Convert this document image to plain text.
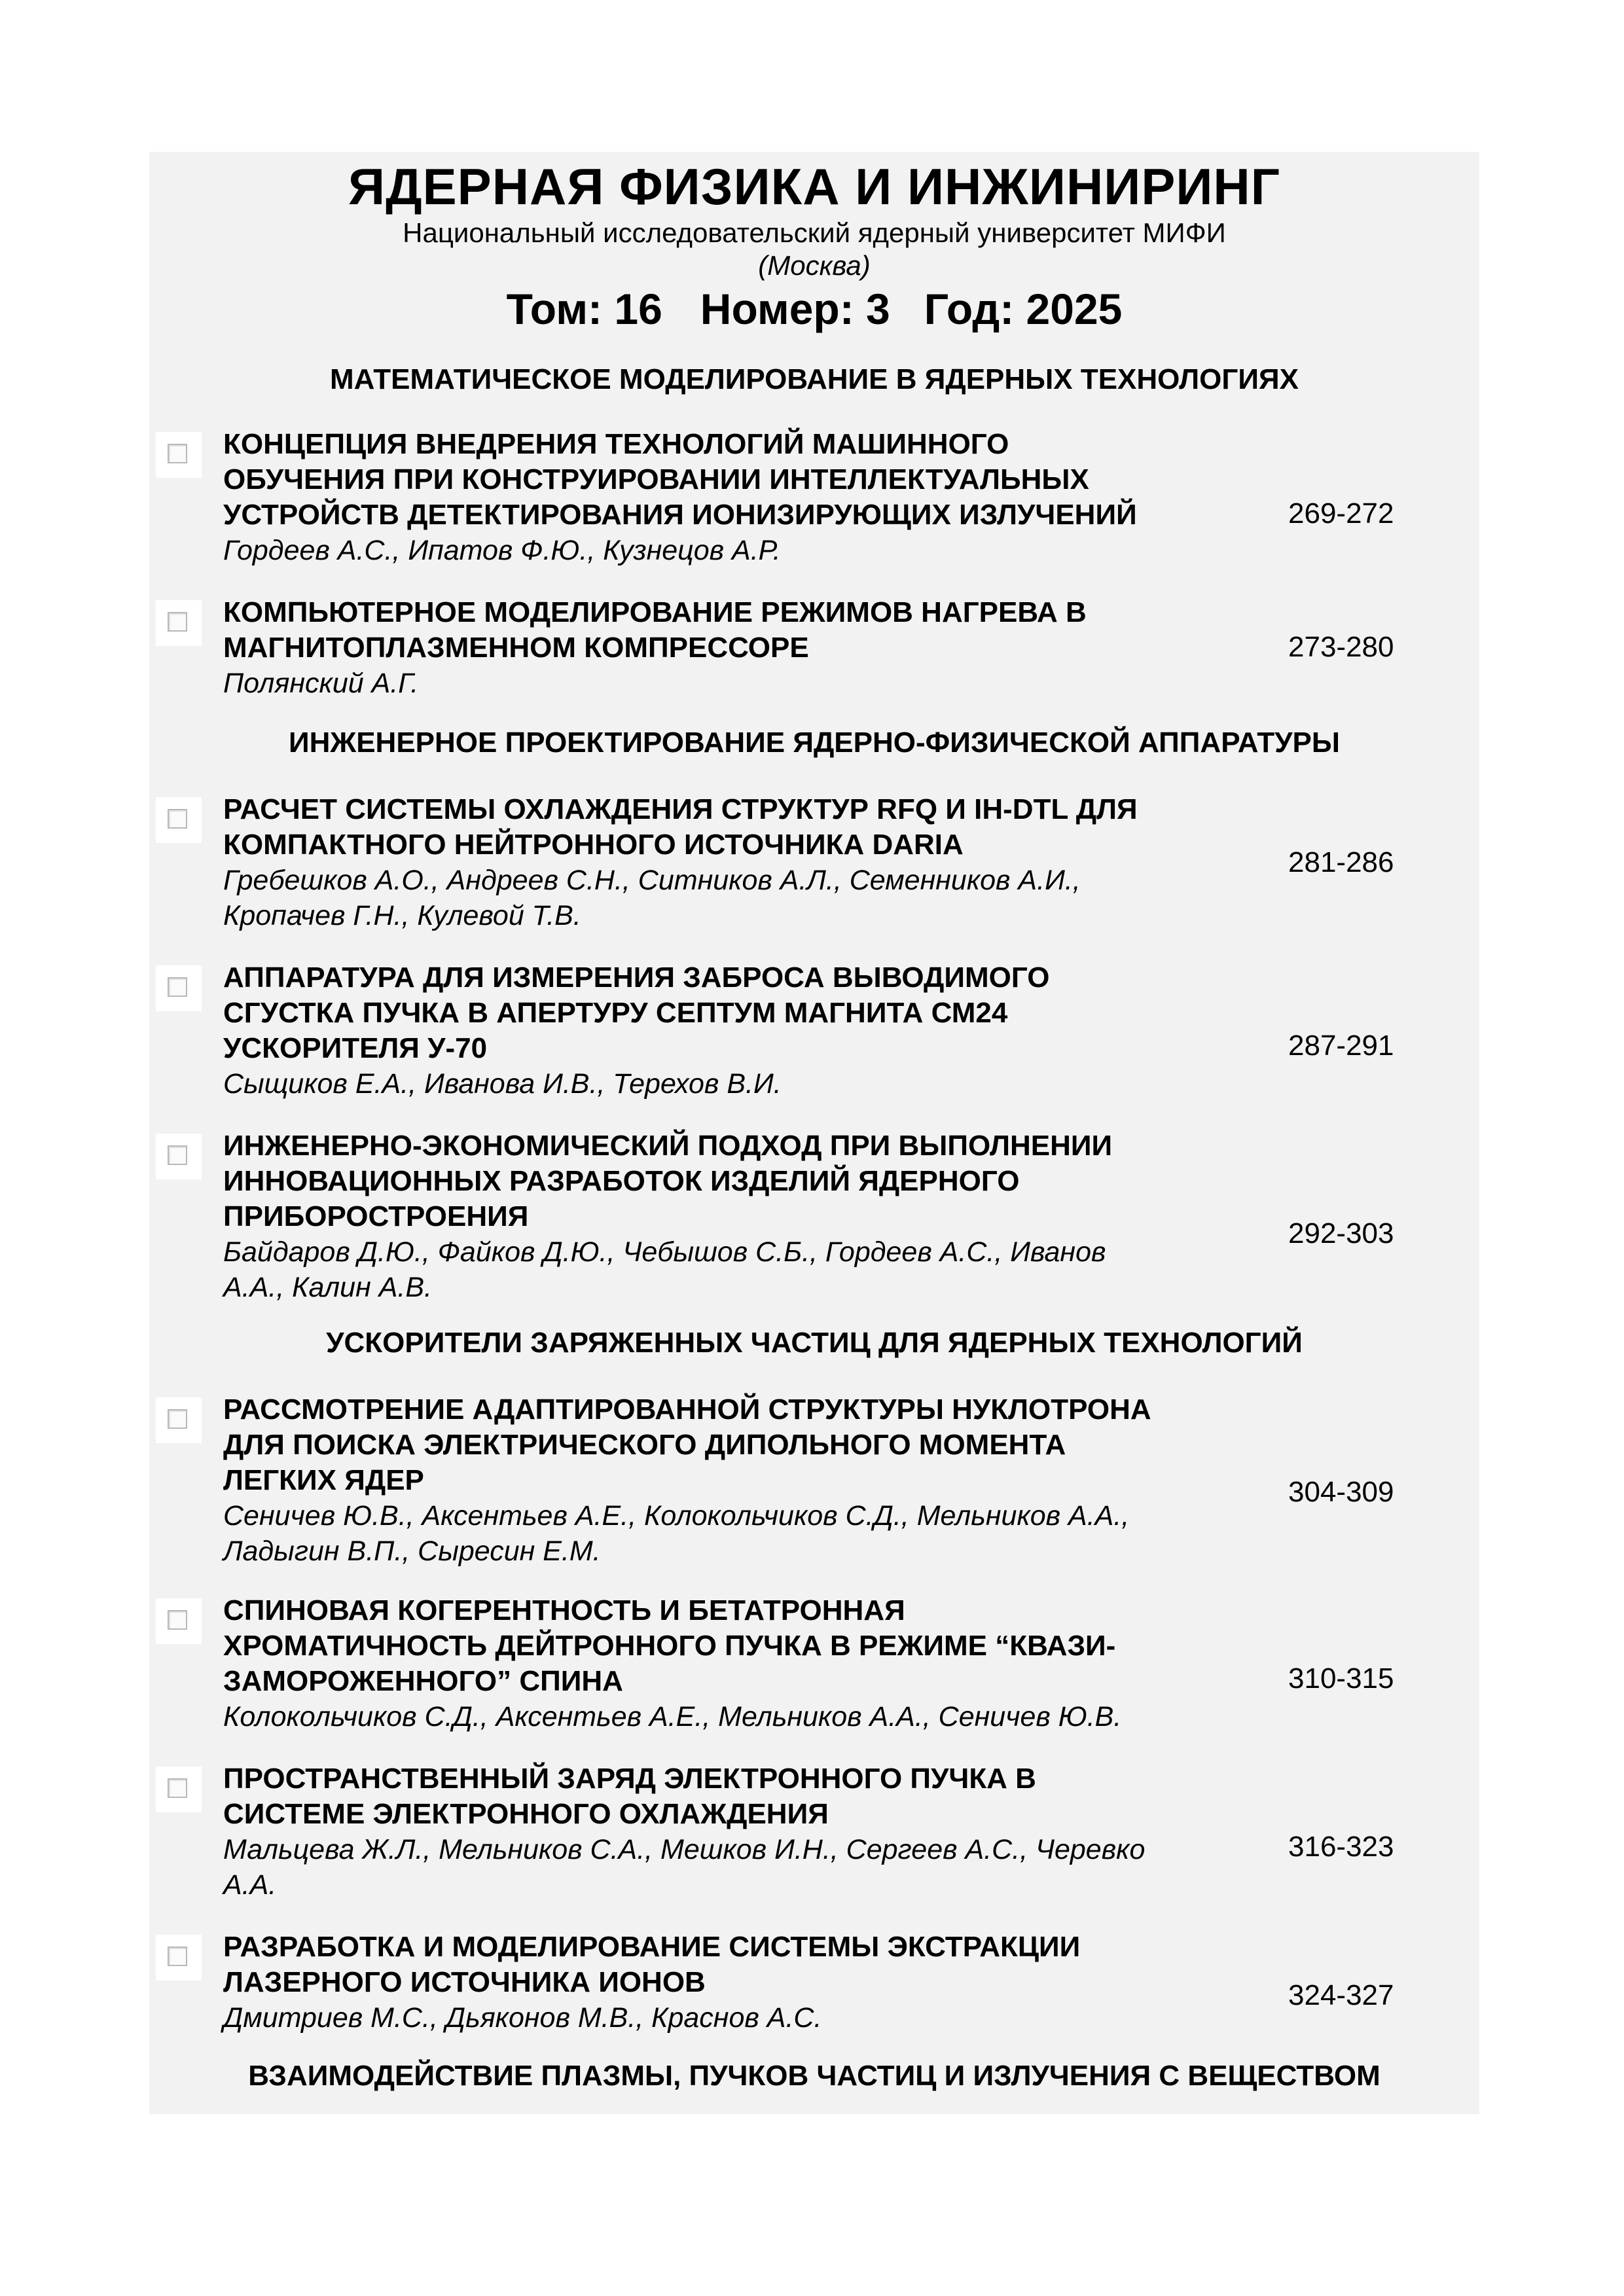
ЯДЕРНАЯ ФИЗИКА И ИНЖИНИРИНГ
Национальный исследовательский ядерный университет МИФИ
(Москва)
Том: 16 Номер: 3 Год: 2025
МАТЕМАТИЧЕСКОЕ МОДЕЛИРОВАНИЕ В ЯДЕРНЫХ ТЕХНОЛОГИЯХ
КОНЦЕПЦИЯ ВНЕДРЕНИЯ ТЕХНОЛОГИЙ МАШИННОГО
ОБУЧЕНИЯ ПРИ КОНСТРУИРОВАНИИ ИНТЕЛЛЕКТУАЛЬНЫХ
УСТРОЙСТВ ДЕТЕКТИРОВАНИЯ ИОНИЗИРУЮЩИХ ИЗЛУЧЕНИЙ
Гордеев А.С., Ипатов Ф.Ю., Кузнецов А.Р.
269-272
КОМПЬЮТЕРНОЕ МОДЕЛИРОВАНИЕ РЕЖИМОВ НАГРЕВА В
МАГНИТОПЛАЗМЕННОМ КОМПРЕССОРЕ
Полянский А.Г.
273-280
ИНЖЕНЕРНОЕ ПРОЕКТИРОВАНИЕ ЯДЕРНО-ФИЗИЧЕСКОЙ АППАРАТУРЫ
РАСЧЕТ СИСТЕМЫ ОХЛАЖДЕНИЯ СТРУКТУР RFQ И IH-DTL ДЛЯ
КОМПАКТНОГО НЕЙТРОННОГО ИСТОЧНИКА DARIA
Гребешков А.О., Андреев С.Н., Ситников А.Л., Семенников А.И.,
Кропачев Г.Н., Кулевой Т.В.
281-286
АППАРАТУРА ДЛЯ ИЗМЕРЕНИЯ ЗАБРОСА ВЫВОДИМОГО
СГУСТКА ПУЧКА В АПЕРТУРУ СЕПТУМ МАГНИТА СМ24
УСКОРИТЕЛЯ У-70
Сыщиков Е.А., Иванова И.В., Терехов В.И.
287-291
ИНЖЕНЕРНО-ЭКОНОМИЧЕСКИЙ ПОДХОД ПРИ ВЫПОЛНЕНИИ
ИННОВАЦИОННЫХ РАЗРАБОТОК ИЗДЕЛИЙ ЯДЕРНОГО
ПРИБОРОСТРОЕНИЯ
Байдаров Д.Ю., Файков Д.Ю., Чебышов С.Б., Гордеев А.С., Иванов
А.А., Калин А.В.
292-303
УСКОРИТЕЛИ ЗАРЯЖЕННЫХ ЧАСТИЦ ДЛЯ ЯДЕРНЫХ ТЕХНОЛОГИЙ
РАССМОТРЕНИЕ АДАПТИРОВАННОЙ СТРУКТУРЫ НУКЛОТРОНА
ДЛЯ ПОИСКА ЭЛЕКТРИЧЕСКОГО ДИПОЛЬНОГО МОМЕНТА
ЛЕГКИХ ЯДЕР
Сеничев Ю.В., Аксентьев А.Е., Колокольчиков С.Д., Мельников А.А.,
Ладыгин В.П., Сыресин Е.М.
304-309
СПИНОВАЯ КОГЕРЕНТНОСТЬ И БЕТАТРОННАЯ
ХРОМАТИЧНОСТЬ ДЕЙТРОННОГО ПУЧКА В РЕЖИМЕ “КВАЗИ-
ЗАМОРОЖЕННОГО” СПИНА
Колокольчиков С.Д., Аксентьев А.Е., Мельников А.А., Сеничев Ю.В.
310-315
ПРОСТРАНСТВЕННЫЙ ЗАРЯД ЭЛЕКТРОННОГО ПУЧКА В
СИСТЕМЕ ЭЛЕКТРОННОГО ОХЛАЖДЕНИЯ
Мальцева Ж.Л., Мельников С.А., Мешков И.Н., Сергеев А.С., Черевко
А.А.
316-323
РАЗРАБОТКА И МОДЕЛИРОВАНИЕ СИСТЕМЫ ЭКСТРАКЦИИ
ЛАЗЕРНОГО ИСТОЧНИКА ИОНОВ
Дмитриев М.С., Дьяконов М.В., Краснов А.С.
324-327
ВЗАИМОДЕЙСТВИЕ ПЛАЗМЫ, ПУЧКОВ ЧАСТИЦ И ИЗЛУЧЕНИЯ С ВЕЩЕСТВОМ
